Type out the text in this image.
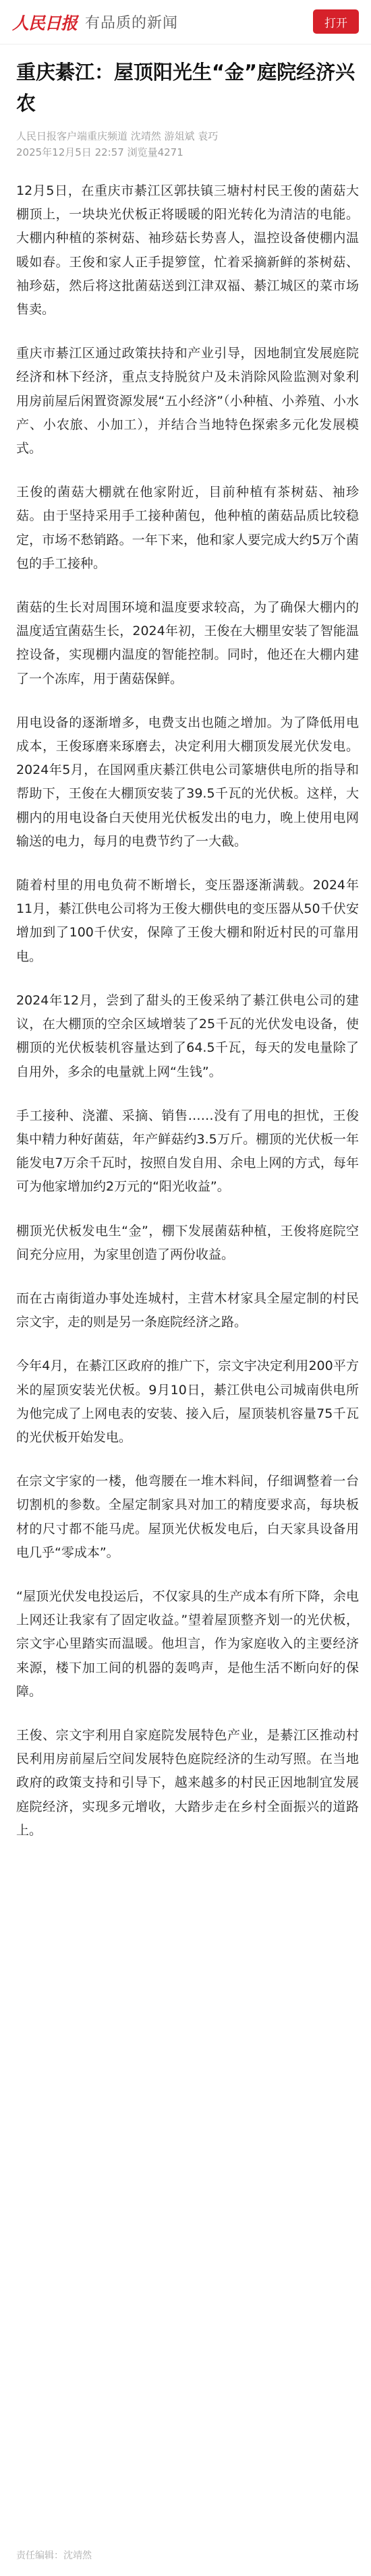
人民日报 有品质的新闻	打开
重庆綦江：屋顶阳光生“金”庭院经济兴农
人民日报客户端重庆频道 沈靖然 游俎斌 袁巧
2025年12月5日 22:57 浏览量4271

12月5日，在重庆市綦江区郭扶镇三塘村村民王俊的菌菇大棚顶上，一块块光伏板正将暖暖的阳光转化为清洁的电能。大棚内种植的茶树菇、袖珍菇长势喜人，温控设备使棚内温暖如春。王俊和家人正手提箩筐，忙着采摘新鲜的茶树菇、袖珍菇，然后将这批菌菇送到江津双福、綦江城区的菜市场售卖。

重庆市綦江区通过政策扶持和产业引导，因地制宜发展庭院经济和林下经济，重点支持脱贫户及未消除风险监测对象利用房前屋后闲置资源发展“五小经济”（小种植、小养殖、小水产、小农旅、小加工），并结合当地特色探索多元化发展模式。

王俊的菌菇大棚就在他家附近，目前种植有茶树菇、袖珍菇。由于坚持采用手工接种菌包，他种植的菌菇品质比较稳定，市场不愁销路。一年下来，他和家人要完成大约5万个菌包的手工接种。

菌菇的生长对周围环境和温度要求较高，为了确保大棚内的温度适宜菌菇生长，2024年初，王俊在大棚里安装了智能温控设备，实现棚内温度的智能控制。同时，他还在大棚内建了一个冻库，用于菌菇保鲜。

用电设备的逐渐增多，电费支出也随之增加。为了降低用电成本，王俊琢磨来琢磨去，决定利用大棚顶发展光伏发电。2024年5月，在国网重庆綦江供电公司篆塘供电所的指导和帮助下，王俊在大棚顶安装了39.5千瓦的光伏板。这样，大棚内的用电设备白天使用光伏板发出的电力，晚上使用电网输送的电力，每月的电费节约了一大截。

随着村里的用电负荷不断增长，变压器逐渐满载。2024年11月，綦江供电公司将为王俊大棚供电的变压器从50千伏安增加到了100千伏安，保障了王俊大棚和附近村民的可靠用电。

2024年12月，尝到了甜头的王俊采纳了綦江供电公司的建议，在大棚顶的空余区域增装了25千瓦的光伏发电设备，使棚顶的光伏板装机容量达到了64.5千瓦，每天的发电量除了自用外，多余的电量就上网“生钱”。

手工接种、浇灌、采摘、销售……没有了用电的担忧，王俊集中精力种好菌菇，年产鲜菇约3.5万斤。棚顶的光伏板一年能发电7万余千瓦时，按照自发自用、余电上网的方式，每年可为他家增加约2万元的“阳光收益”。

棚顶光伏板发电生“金”，棚下发展菌菇种植，王俊将庭院空间充分应用，为家里创造了两份收益。

而在古南街道办事处连城村，主营木材家具全屋定制的村民宗文宇，走的则是另一条庭院经济之路。

今年4月，在綦江区政府的推广下，宗文宇决定利用200平方米的屋顶安装光伏板。9月10日，綦江供电公司城南供电所为他完成了上网电表的安装、接入后，屋顶装机容量75千瓦的光伏板开始发电。

在宗文宇家的一楼，他弯腰在一堆木料间，仔细调整着一台切割机的参数。全屋定制家具对加工的精度要求高，每块板材的尺寸都不能马虎。屋顶光伏板发电后，白天家具设备用电几乎“零成本”。

“屋顶光伏发电投运后，不仅家具的生产成本有所下降，余电上网还让我家有了固定收益。”望着屋顶整齐划一的光伏板，宗文宇心里踏实而温暖。他坦言，作为家庭收入的主要经济来源，楼下加工间的机器的轰鸣声，是他生活不断向好的保障。

王俊、宗文宇利用自家庭院发展特色产业，是綦江区推动村民利用房前屋后空间发展特色庭院经济的生动写照。在当地政府的政策支持和引导下，越来越多的村民正因地制宜发展庭院经济，实现多元增收，大踏步走在乡村全面振兴的道路上。

责任编辑：沈靖然
